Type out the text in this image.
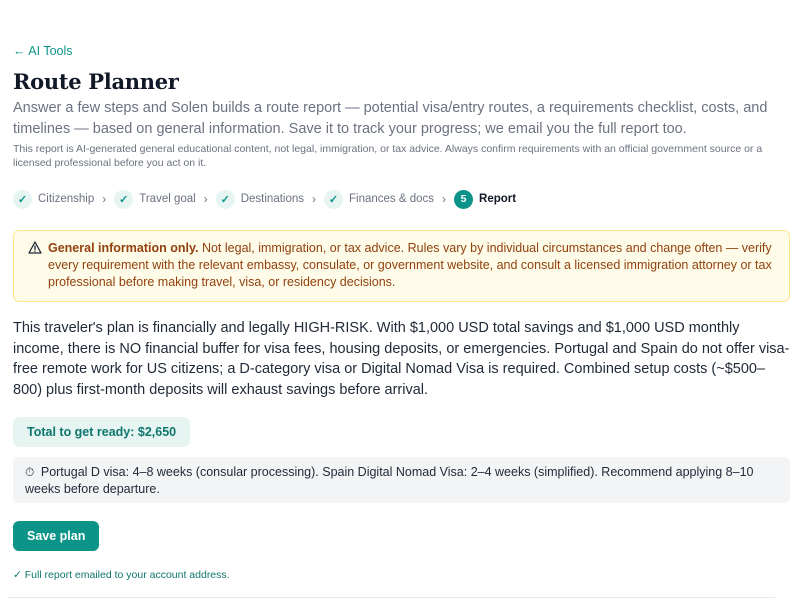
← AI Tools
Route Planner

Answer a few steps and Solen builds a route report — potential visa/entry routes, a requirements checklist, costs, and timelines — based on general information. Save it to track your progress; we email you the full report too.

This report is AI-generated general educational content, not legal, immigration, or tax advice. Always confirm requirements with an official government source or a licensed professional before you act on it.

✓ Citizenship ›	✓ Travel goal ›	✓ Destinations ›	✓ Finances & docs ›	5	Report

General information only. Not legal, immigration, or tax advice. Rules vary by individual circumstances and change often — verify every requirement with the relevant embassy, consulate, or government website, and consult a licensed immigration attorney or tax professional before making travel, visa, or residency decisions.

This traveler's plan is financially and legally HIGH-RISK. With $1,000 USD total savings and $1,000 USD monthly income, there is NO financial buffer for visa fees, housing deposits, or emergencies. Portugal and Spain do not offer visa-free remote work for US citizens; a D-category visa or Digital Nomad Visa is required. Combined setup costs (~$500–800) plus first-month deposits will exhaust savings before arrival.

Total to get ready: $2,650
⏱ Portugal D visa: 4–8 weeks (consular processing). Spain Digital Nomad Visa: 2–4 weeks (simplified). Recommend applying 8–10 weeks before departure.
Save plan

✓ Full report emailed to your account address.
